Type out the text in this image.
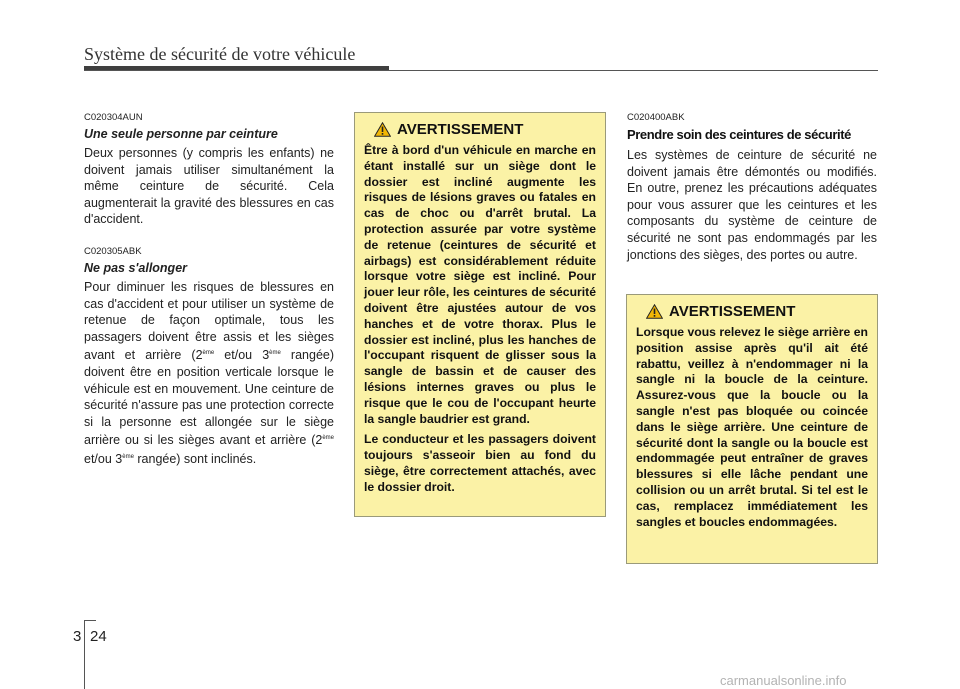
Système de sécurité de votre véhicule
C020304AUN
Une seule personne par ceinture

Deux personnes (y compris les enfants) ne doivent jamais utiliser simultanément la même ceinture de sécurité. Cela augmenterait la gravité des blessures en cas d'accident.

C020305ABK
Ne pas s'allonger

Pour diminuer les risques de blessures en cas d'accident et pour utiliser un système de retenue de façon optimale, tous les passagers doivent être assis et les sièges avant et arrière (2ème et/ou 3ème rangée) doivent être en position verticale lorsque le véhicule est en mouvement. Une ceinture de sécurité n'assure pas une protection correcte si la personne est allongée sur le siège arrière ou si les sièges avant et arrière (2ème et/ou 3ème rangée) sont inclinés.

AVERTISSEMENT

Être à bord d'un véhicule en marche en étant installé sur un siège dont le dossier est incliné augmente les risques de lésions graves ou fatales en cas de choc ou d'arrêt brutal. La protection assurée par votre système de retenue (ceintures de sécurité et airbags) est considérablement réduite lorsque votre siège est incliné. Pour jouer leur rôle, les ceintures de sécurité doivent être ajustées autour de vos hanches et de votre thorax. Plus le dossier est incliné, plus les hanches de l'occupant risquent de glisser sous la sangle de bassin et de causer des lésions internes graves ou plus le risque que le cou de l'occupant heurte la sangle baudrier est grand.

Le conducteur et les passagers doivent toujours s'asseoir bien au fond du siège, être correctement attachés, avec le dossier droit.

C020400ABK
Prendre soin des ceintures de sécurité

Les systèmes de ceinture de sécurité ne doivent jamais être démontés ou modifiés. En outre, prenez les précautions adéquates pour vous assurer que les ceintures et les composants du système de ceinture de sécurité ne sont pas endommagés par les jonctions des sièges, des portes ou autre.

AVERTISSEMENT

Lorsque vous relevez le siège arrière en position assise après qu'il ait été rabattu, veillez à n'endommager ni la sangle ni la boucle de la ceinture. Assurez-vous que la boucle ou la sangle n'est pas bloquée ou coincée dans le siège arrière. Une ceinture de sécurité dont la sangle ou la boucle est endommagée peut entraîner de graves blessures si elle lâche pendant une collision ou un arrêt brutal. Si tel est le cas, remplacez immédiatement les sangles et boucles endommagées.

3 24
carmanualsonline.info
